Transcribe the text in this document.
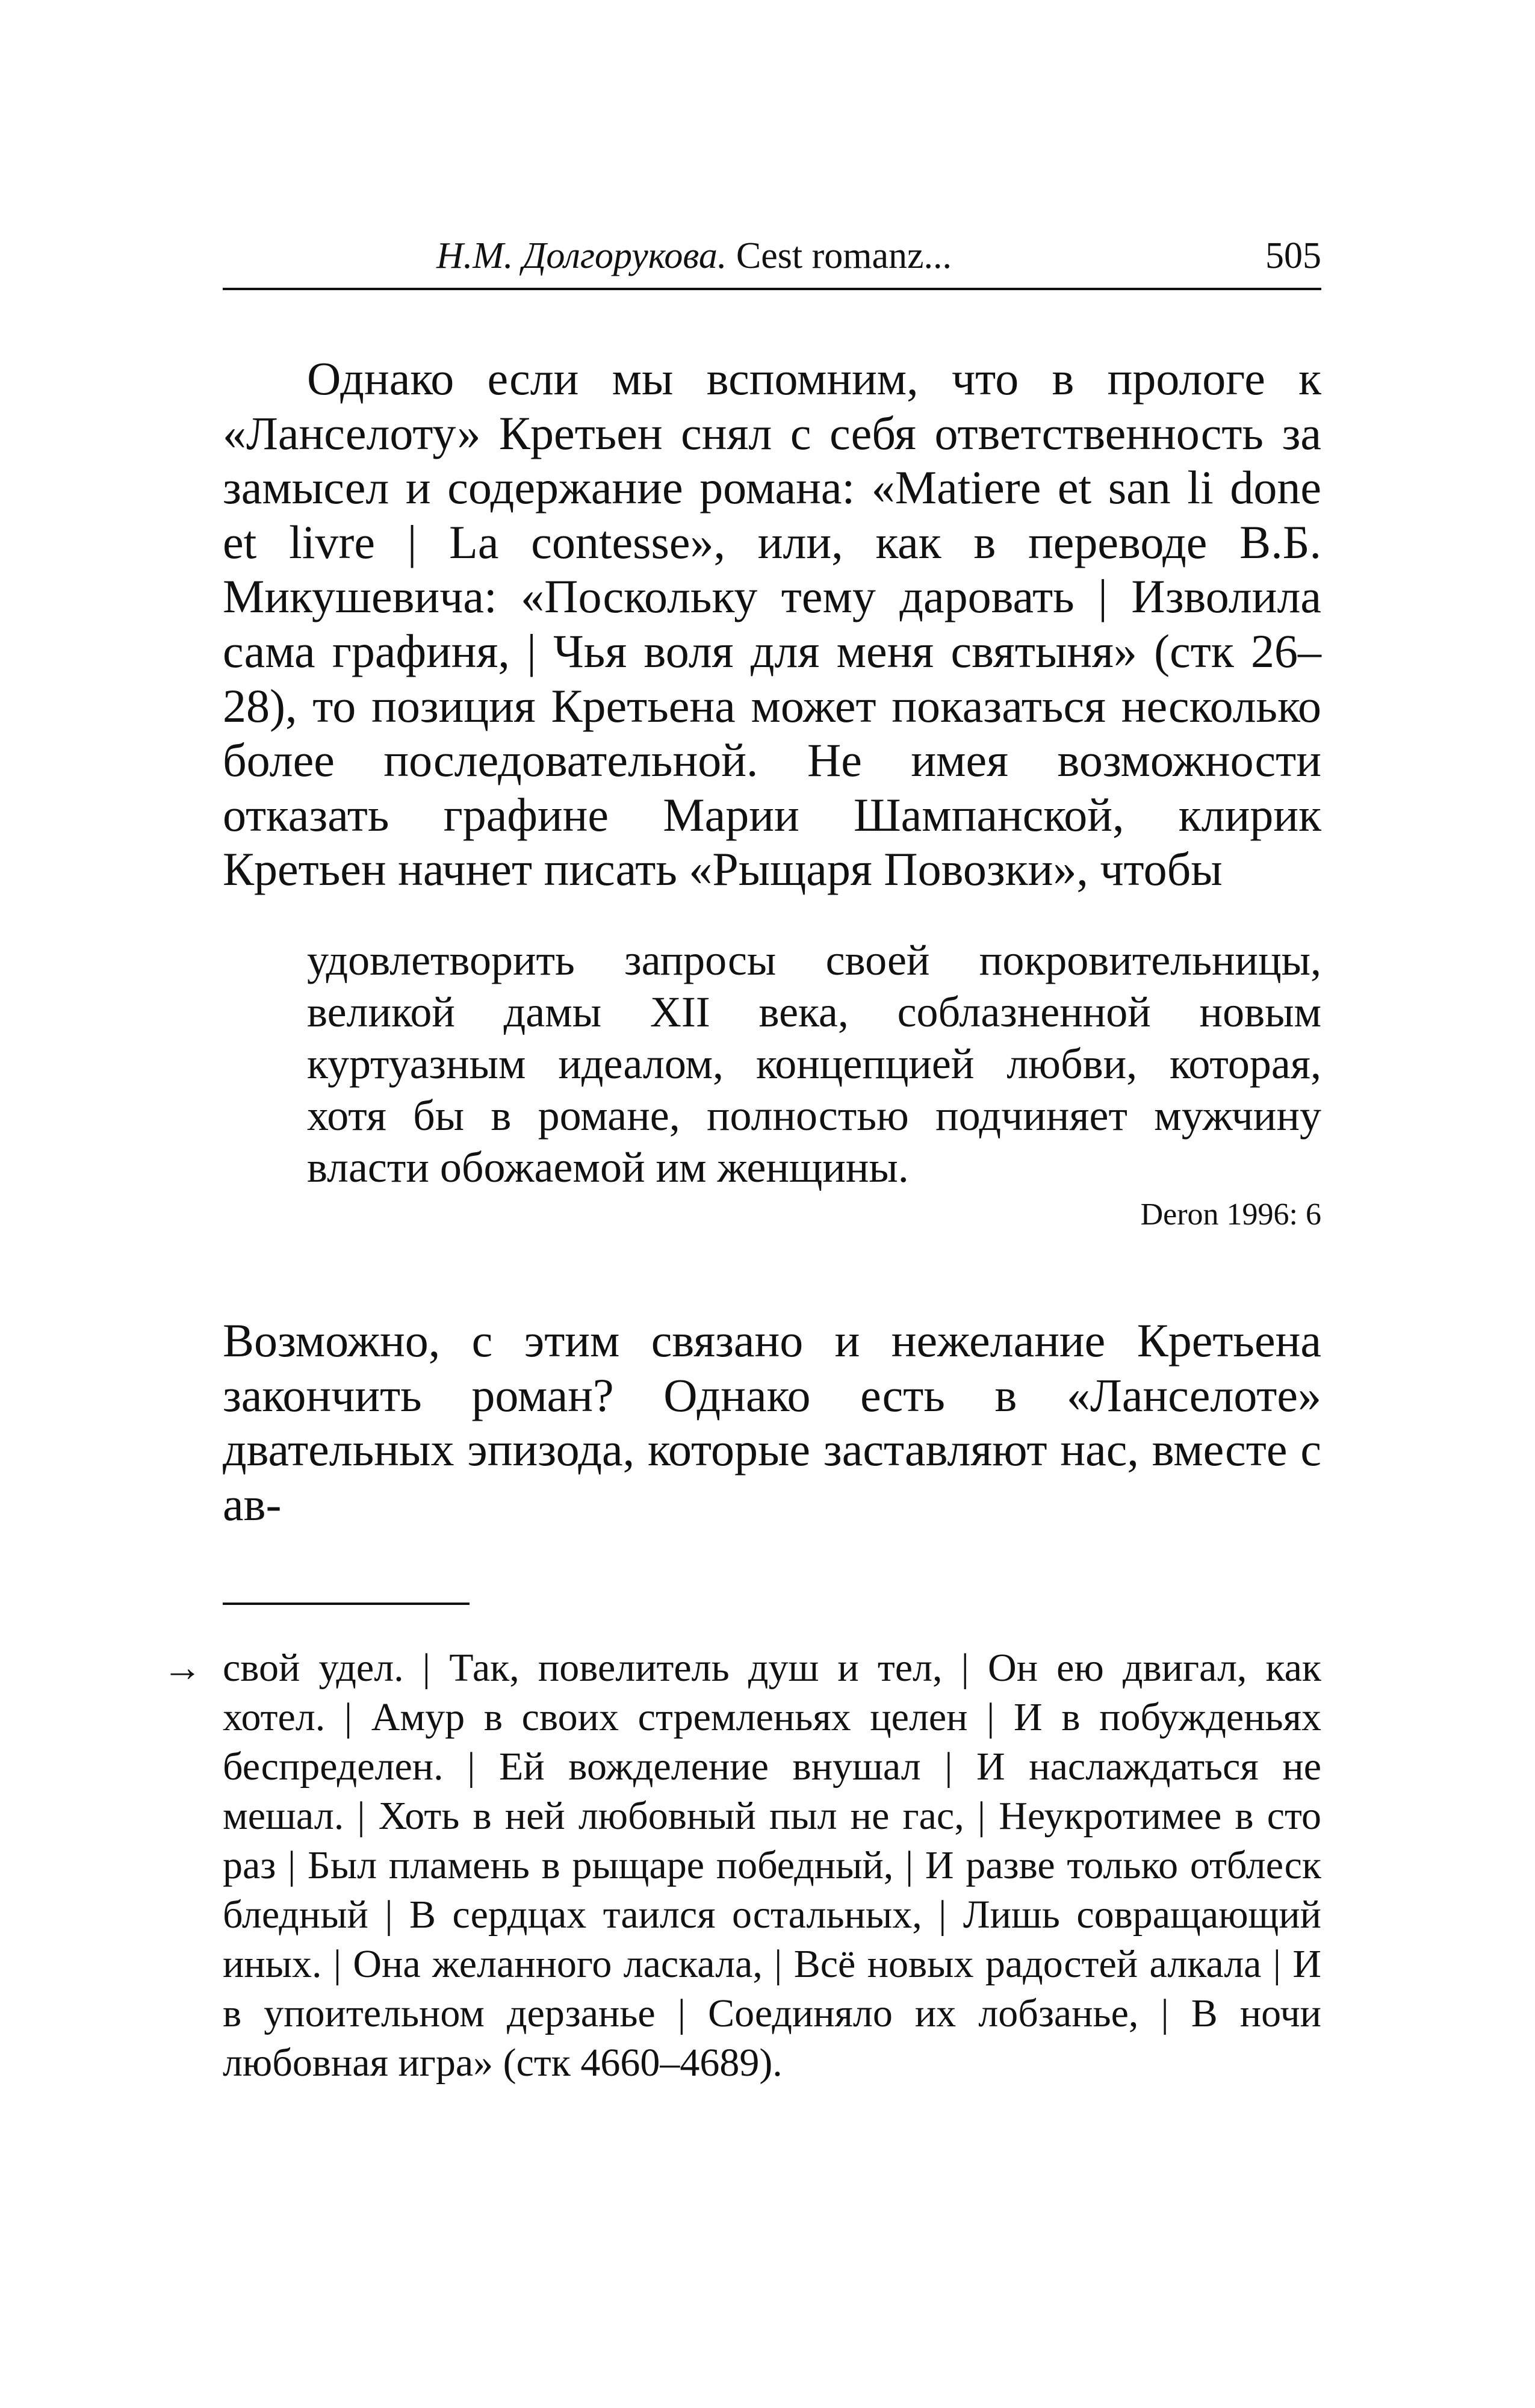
Н.М. Долгорукова. Cest romanz...	505

Однако если мы вспомним, что в прологе к «Ланселоту» Кретьен снял с себя ответственность за замысел и содержание романа: «Matiere et san li done et livre | La contesse», или, как в переводе В.Б. Микушевича: «Поскольку тему даровать | Изволила сама графиня, | Чья воля для меня святыня» (стк 26–28), то позиция Кретьена может показаться несколько более последовательной. Не имея возможности отказать графине Марии Шампанской, клирик Кретьен начнет писать «Рыщаря Повозки», чтобы

удовлетворить запросы своей покровительницы, великой дамы XII века, соблазненной новым куртуазным идеалом, концепцией любви, которая, хотя бы в романе, полностью подчиняет мужчину власти обожаемой им женщины.
Deron 1996: 6

Возможно, с этим связано и нежелание Кретьена закончить роман? Однако есть в «Ланселоте» двательных эпизода, которые заставляют нас, вместе с ав-

→ свой удел. | Так, повелитель душ и тел, | Он ею двигал, как хотел. | Амур в своих стремленьях целен | И в побужденьях беспределен. | Ей вожделение внушал | И наслаждаться не мешал. | Хоть в ней любовный пыл не гас, | Неукротимее в сто раз | Был пламень в рыщаре победный, | И разве только отблеск бледный | В сердцах таился остальных, | Лишь совращающий иных. | Она желанного ласкала, | Всё новых радостей алкала | И в упоительном дерзанье | Соединяло их лобзанье, | В ночи любовная игра» (стк 4660–4689).
